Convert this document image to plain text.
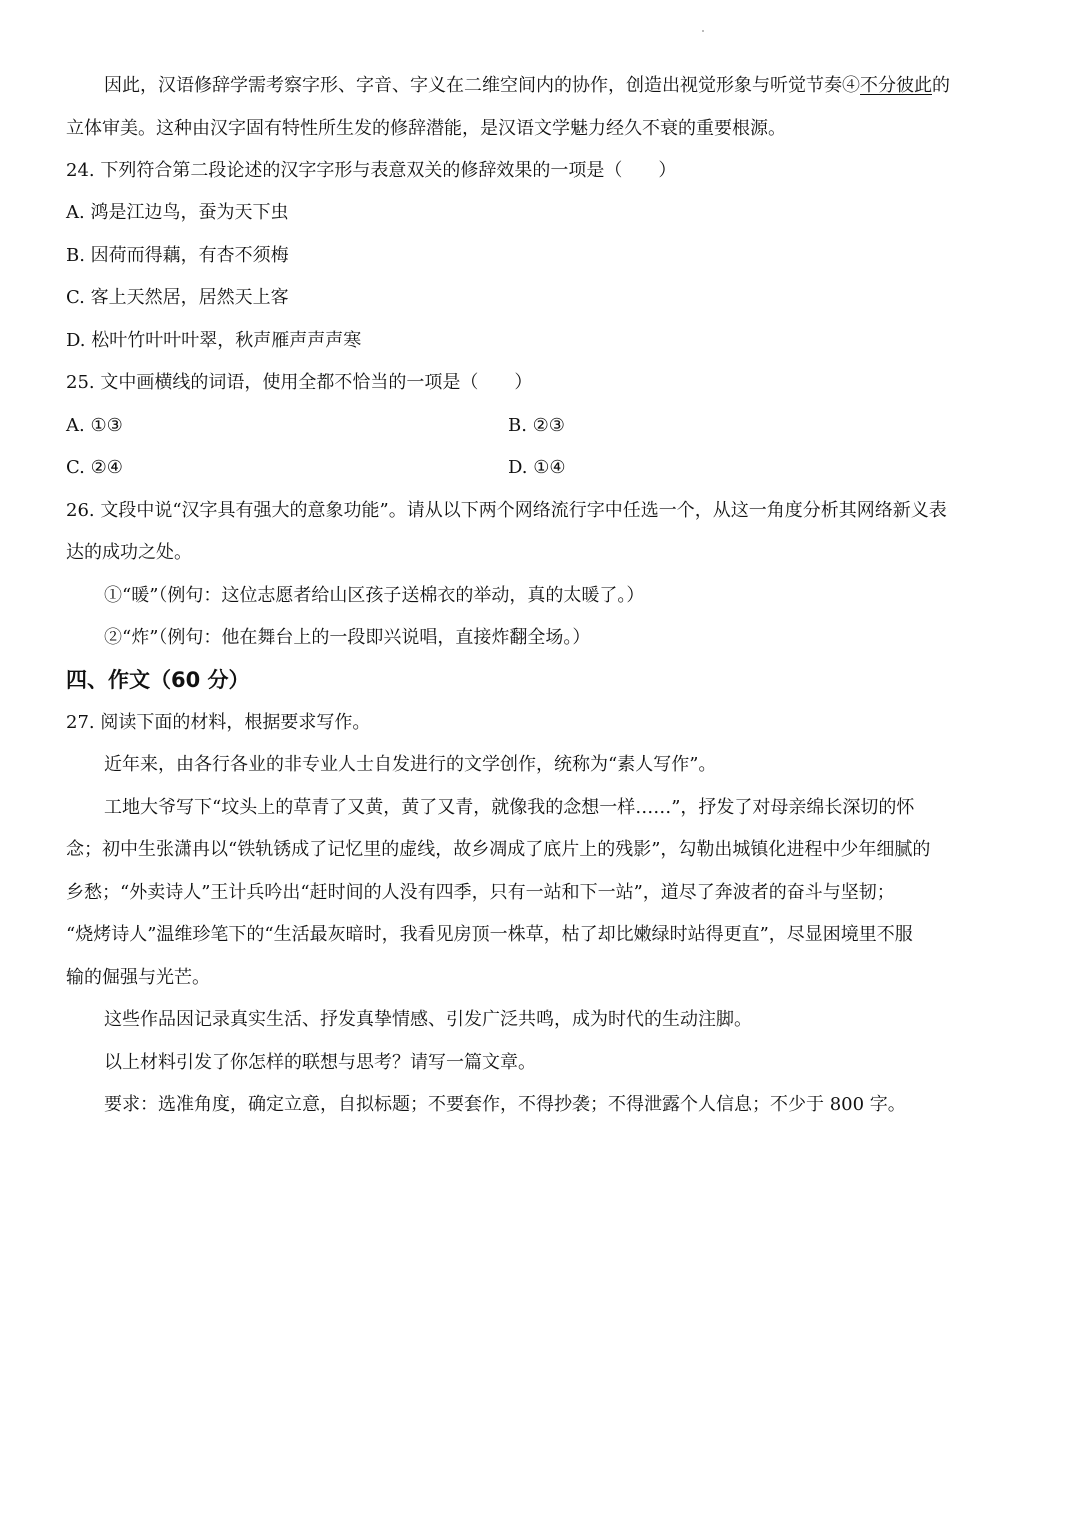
因此，汉语修辞学需考察字形、字音、字义在二维空间内的协作，创造出视觉形象与听觉节奏④不分彼此的
立体审美。这种由汉字固有特性所生发的修辞潜能，是汉语文学魅力经久不衰的重要根源。
24. 下列符合第二段论述的汉字字形与表意双关的修辞效果的一项是（　　）
A. 鸿是江边鸟，蚕为天下虫
B. 因荷而得藕，有杏不须梅
C. 客上天然居，居然天上客
D. 松叶竹叶叶叶翠，秋声雁声声声寒
25. 文中画横线的词语，使用全都不恰当的一项是（　　）
A. ①③	B. ②③
C. ②④	D. ①④
26. 文段中说“汉字具有强大的意象功能”。请从以下两个网络流行字中任选一个，从这一角度分析其网络新义表
达的成功之处。
①“暖”（例句：这位志愿者给山区孩子送棉衣的举动，真的太暖了。）
②“炸”（例句：他在舞台上的一段即兴说唱，直接炸翻全场。）
四、作文（60 分）
27. 阅读下面的材料，根据要求写作。
近年来，由各行各业的非专业人士自发进行的文学创作，统称为“素人写作”。
工地大爷写下“坟头上的草青了又黄，黄了又青，就像我的念想一样……”，抒发了对母亲绵长深切的怀
念；初中生张潇冉以“铁轨锈成了记忆里的虚线，故乡凋成了底片上的残影”，勾勒出城镇化进程中少年细腻的
乡愁；“外卖诗人”王计兵吟出“赶时间的人没有四季，只有一站和下一站”，道尽了奔波者的奋斗与坚韧；
“烧烤诗人”温维珍笔下的“生活最灰暗时，我看见房顶一株草，枯了却比嫩绿时站得更直”，尽显困境里不服
输的倔强与光芒。
这些作品因记录真实生活、抒发真挚情感、引发广泛共鸣，成为时代的生动注脚。
以上材料引发了你怎样的联想与思考？请写一篇文章。
要求：选准角度，确定立意，自拟标题；不要套作，不得抄袭；不得泄露个人信息；不少于 800 字。
